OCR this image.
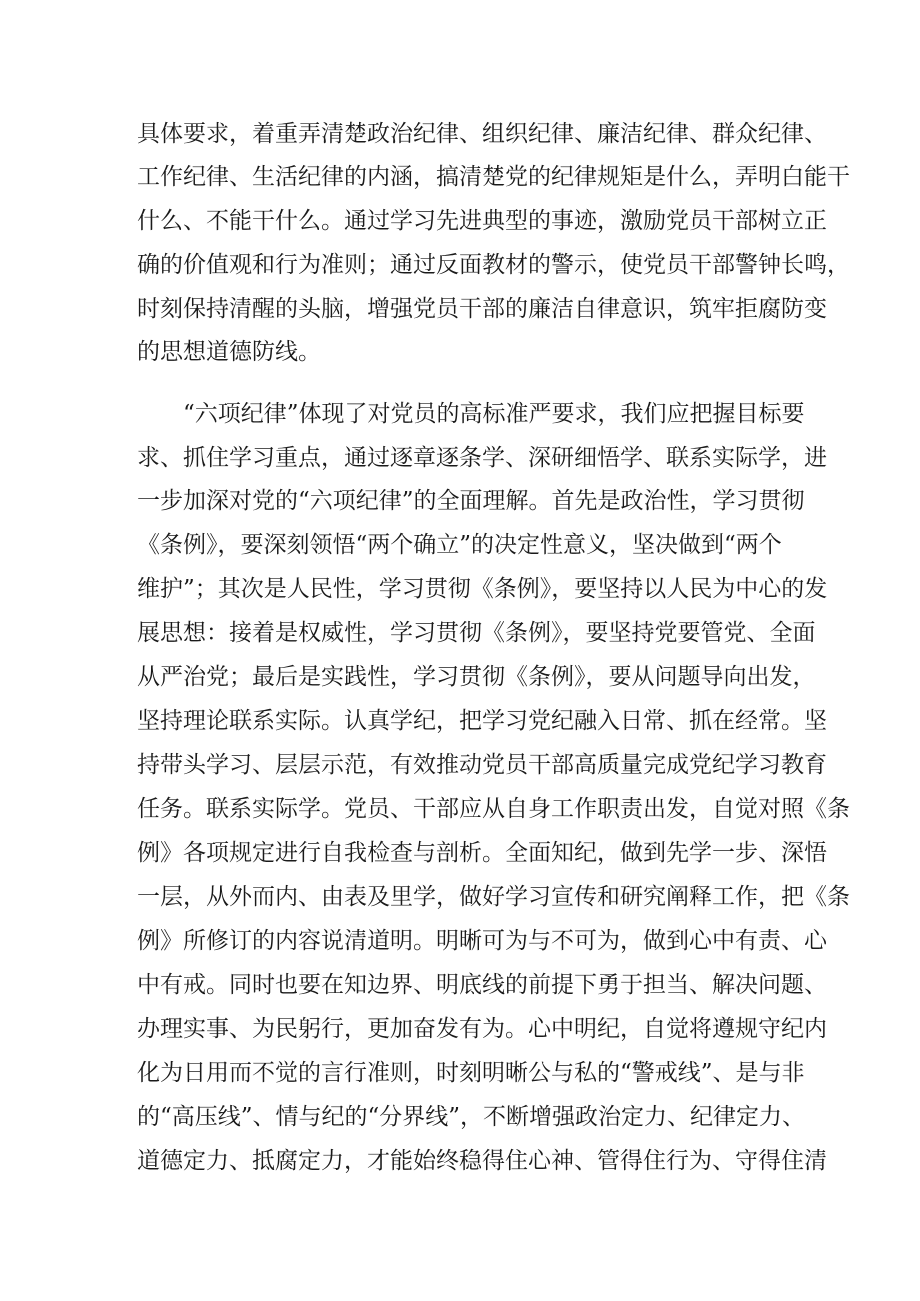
具体要求，着重弄清楚政治纪律、组织纪律、廉洁纪律、群众纪律、
工作纪律、生活纪律的内涵，搞清楚党的纪律规矩是什么，弄明白能干
什么、不能干什么。通过学习先进典型的事迹，激励党员干部树立正
确的价值观和行为准则；通过反面教材的警示，使党员干部警钟长鸣，
时刻保持清醒的头脑，增强党员干部的廉洁自律意识，筑牢拒腐防变
的思想道德防线。
“六项纪律”体现了对党员的高标准严要求，我们应把握目标要
求、抓住学习重点，通过逐章逐条学、深研细悟学、联系实际学，进
一步加深对党的“六项纪律”的全面理解。首先是政治性，学习贯彻
《条例》，要深刻领悟“两个确立”的决定性意义，坚决做到“两个
维护”；其次是人民性，学习贯彻《条例》，要坚持以人民为中心的发
展思想：接着是权威性，学习贯彻《条例》，要坚持党要管党、全面
从严治党；最后是实践性，学习贯彻《条例》，要从问题导向出发，
坚持理论联系实际。认真学纪，把学习党纪融入日常、抓在经常。坚
持带头学习、层层示范，有效推动党员干部高质量完成党纪学习教育
任务。联系实际学。党员、干部应从自身工作职责出发，自觉对照《条
例》各项规定进行自我检查与剖析。全面知纪，做到先学一步、深悟
一层，从外而内、由表及里学，做好学习宣传和研究阐释工作，把《条
例》所修订的内容说清道明。明晰可为与不可为，做到心中有责、心
中有戒。同时也要在知边界、明底线的前提下勇于担当、解决问题、
办理实事、为民躬行，更加奋发有为。心中明纪，自觉将遵规守纪内
化为日用而不觉的言行准则，时刻明晰公与私的“警戒线”、是与非
的“高压线”、情与纪的“分界线”，不断增强政治定力、纪律定力、
道德定力、抵腐定力，才能始终稳得住心神、管得住行为、守得住清
